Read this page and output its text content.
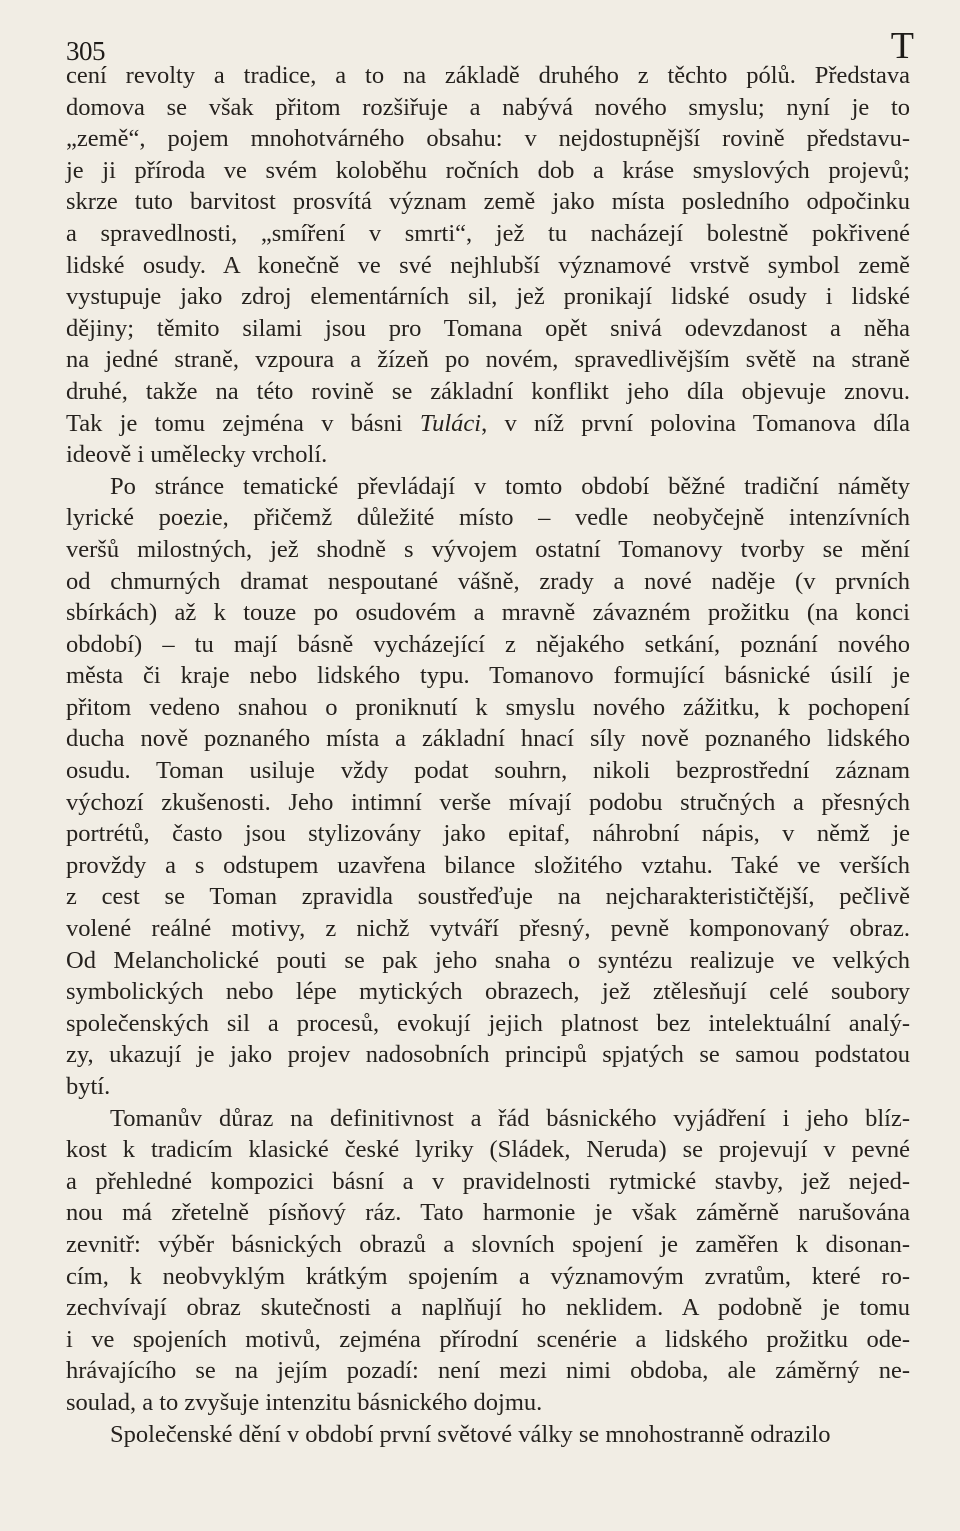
305	T
cení revolty a tradice, a to na základě druhého z těchto pólů. Představa
domova se však přitom rozšiřuje a nabývá nového smyslu; nyní je to
„země“, pojem mnohotvárného obsahu: v nejdostupnější rovině představu-
je ji příroda ve svém koloběhu ročních dob a kráse smyslových projevů;
skrze tuto barvitost prosvítá význam země jako místa posledního odpočinku
a spravedlnosti, „smíření v smrti“, jež tu nacházejí bolestně pokřivené
lidské osudy. A konečně ve své nejhlubší významové vrstvě symbol země
vystupuje jako zdroj elementárních sil, jež pronikají lidské osudy i lidské
dějiny; těmito silami jsou pro Tomana opět snivá odevzdanost a něha
na jedné straně, vzpoura a žízeň po novém, spravedlivějším světě na straně
druhé, takže na této rovině se základní konflikt jeho díla objevuje znovu.
Tak je tomu zejména v básni Tuláci, v níž první polovina Tomanova díla
ideově i umělecky vrcholí.
Po stránce tematické převládají v tomto období běžné tradiční náměty
lyrické poezie, přičemž důležité místo – vedle neobyčejně intenzívních
veršů milostných, jež shodně s vývojem ostatní Tomanovy tvorby se mění
od chmurných dramat nespoutané vášně, zrady a nové naděje (v prvních
sbírkách) až k touze po osudovém a mravně závazném prožitku (na konci
období) – tu mají básně vycházející z nějakého setkání, poznání nového
města či kraje nebo lidského typu. Tomanovo formující básnické úsilí je
přitom vedeno snahou o proniknutí k smyslu nového zážitku, k pochopení
ducha nově poznaného místa a základní hnací síly nově poznaného lidského
osudu. Toman usiluje vždy podat souhrn, nikoli bezprostřední záznam
výchozí zkušenosti. Jeho intimní verše mívají podobu stručných a přesných
portrétů, často jsou stylizovány jako epitaf, náhrobní nápis, v němž je
provždy a s odstupem uzavřena bilance složitého vztahu. Také ve verších
z cest se Toman zpravidla soustřeďuje na nejcharakterističtější, pečlivě
volené reálné motivy, z nichž vytváří přesný, pevně komponovaný obraz.
Od Melancholické pouti se pak jeho snaha o syntézu realizuje ve velkých
symbolických nebo lépe mytických obrazech, jež ztělesňují celé soubory
společenských sil a procesů, evokují jejich platnost bez intelektuální analý-
zy, ukazují je jako projev nadosobních principů spjatých se samou podstatou
bytí.
Tomanův důraz na definitivnost a řád básnického vyjádření i jeho blíz-
kost k tradicím klasické české lyriky (Sládek, Neruda) se projevují v pevné
a přehledné kompozici básní a v pravidelnosti rytmické stavby, jež nejed-
nou má zřetelně písňový ráz. Tato harmonie je však záměrně narušována
zevnitř: výběr básnických obrazů a slovních spojení je zaměřen k disonan-
cím, k neobvyklým krátkým spojením a významovým zvratům, které ro-
zechvívají obraz skutečnosti a naplňují ho neklidem. A podobně je tomu
i ve spojeních motivů, zejména přírodní scenérie a lidského prožitku ode-
hrávajícího se na jejím pozadí: není mezi nimi obdoba, ale záměrný ne-
soulad, a to zvyšuje intenzitu básnického dojmu.
Společenské dění v období první světové války se mnohostranně odrazilo
